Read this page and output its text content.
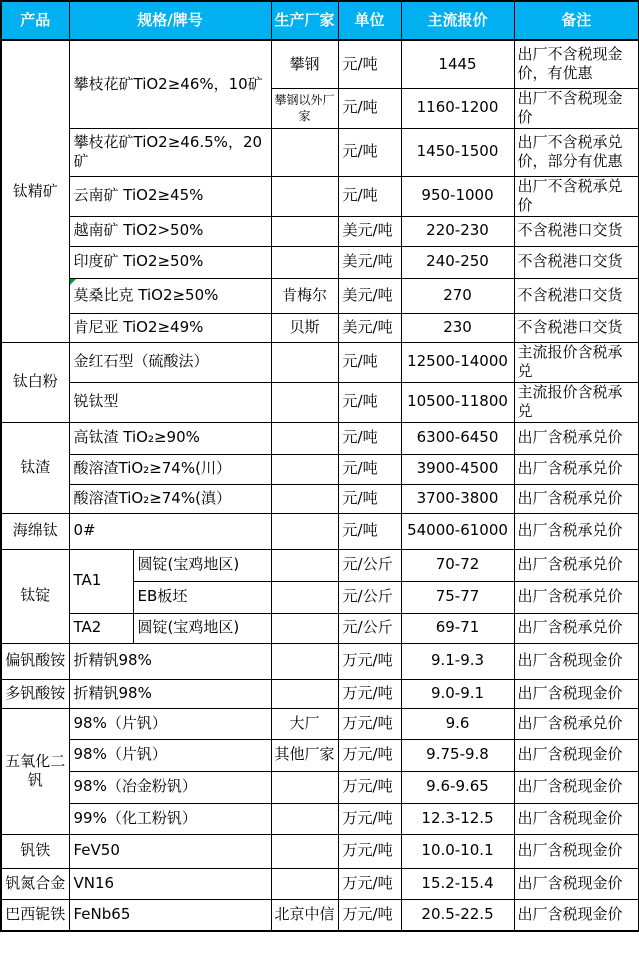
产品	规格/牌号		生产厂家	单位	主流报价	备注
钛精矿	攀枝花矿TiO2≥46%，10矿		攀钢	元/吨	1445	出厂不含税现金价，有优惠
			攀钢以外厂家	元/吨	1160-1200	出厂不含税现金价
	攀枝花矿TiO2≥46.5%，20矿			元/吨	1450-1500	出厂不含税承兑价，部分有优惠
	云南矿 TiO2≥45%			元/吨	950-1000	出厂不含税承兑价
	越南矿 TiO2>50%			美元/吨	220-230	不含税港口交货
	印度矿 TiO2≥50%			美元/吨	240-250	不含税港口交货
	莫桑比克 TiO2≥50%		肯梅尔	美元/吨	270	不含税港口交货
	肯尼亚 TiO2≥49%		贝斯	美元/吨	230	不含税港口交货
钛白粉	金红石型（硫酸法）			元/吨	12500-14000	主流报价含税承兑
	锐钛型			元/吨	10500-11800	主流报价含税承兑
钛渣	高钛渣 TiO₂≥90%			元/吨	6300-6450	出厂含税承兑价
	酸溶渣TiO₂≥74%(川）			元/吨	3900-4500	出厂含税承兑价
	酸溶渣TiO₂≥74%(滇）			元/吨	3700-3800	出厂含税承兑价
海绵钛	0#			元/吨	54000-61000	出厂含税承兑价
钛锭	TA1	圆锭(宝鸡地区)		元/公斤	70-72	出厂含税承兑价
		EB板坯		元/公斤	75-77	出厂含税承兑价
	TA2	圆锭(宝鸡地区)		元/公斤	69-71	出厂含税承兑价
偏钒酸铵	折精钒98%			万元/吨	9.1-9.3	出厂含税现金价
多钒酸铵	折精钒98%			万元/吨	9.0-9.1	出厂含税现金价
五氧化二钒	98%（片钒）		大厂	万元/吨	9.6	出厂含税承兑价
	98%（片钒）		其他厂家	万元/吨	9.75-9.8	出厂含税现金价
	98%（冶金粉钒）			万元/吨	9.6-9.65	出厂含税现金价
	99%（化工粉钒）			万元/吨	12.3-12.5	出厂含税现金价
钒铁	FeV50			万元/吨	10.0-10.1	出厂含税现金价
钒氮合金	VN16			万元/吨	15.2-15.4	出厂含税现金价
巴西铌铁	FeNb65		北京中信	万元/吨	20.5-22.5	出厂含税现金价
